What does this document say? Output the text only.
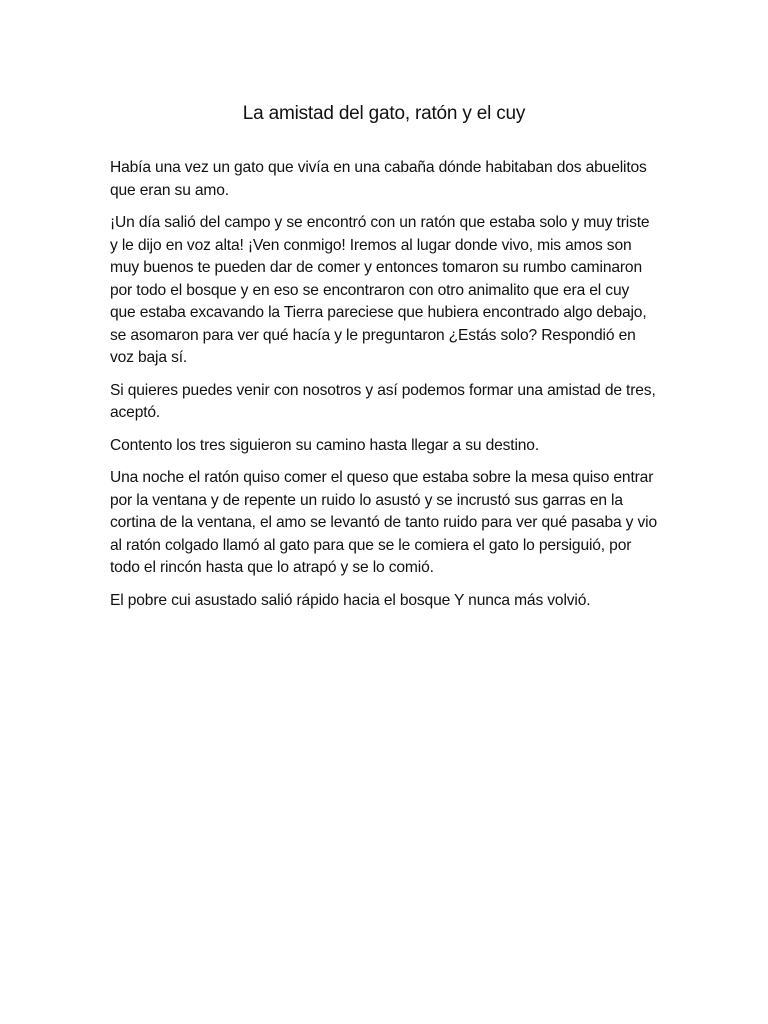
La amistad del gato, ratón y el cuy

Había una vez un gato que vivía en una cabaña dónde habitaban dos abuelitos que eran su amo.

¡Un día salió del campo y se encontró con un ratón que estaba solo y muy triste y le dijo en voz alta! ¡Ven conmigo! Iremos al lugar donde vivo, mis amos son muy buenos te pueden dar de comer y entonces tomaron su rumbo caminaron por todo el bosque y en eso se encontraron con otro animalito que era el cuy que estaba excavando la Tierra pareciese que hubiera encontrado algo debajo, se asomaron para ver qué hacía y le preguntaron ¿Estás solo? Respondió en voz baja sí.

Si quieres puedes venir con nosotros y así podemos formar una amistad de tres, aceptó.

Contento los tres siguieron su camino hasta llegar a su destino.

Una noche el ratón quiso comer el queso que estaba sobre la mesa quiso entrar por la ventana y de repente un ruido lo asustó y se incrustó sus garras en la cortina de la ventana, el amo se levantó de tanto ruido para ver qué pasaba y vio al ratón colgado llamó al gato para que se le comiera el gato lo persiguió, por todo el rincón hasta que lo atrapó y se lo comió.

El pobre cui asustado salió rápido hacia el bosque Y nunca más volvió.
